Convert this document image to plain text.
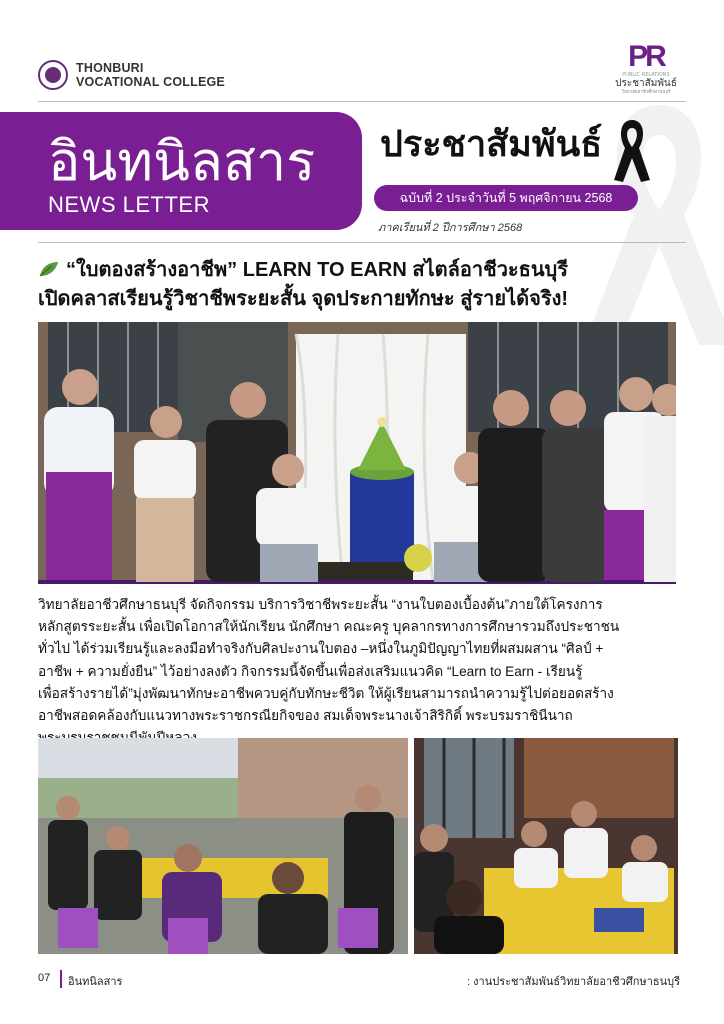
THONBURI
VOCATIONAL COLLEGE
PR
PUBLIC RELATIONS
ประชาสัมพันธ์
วิทยาลัยอาชีวศึกษาธนบุรี
อินทนิลสาร
NEWS LETTER
ประชาสัมพันธ์
ฉบับที่ 2 ประจำวันที่ 5 พฤศจิกายน 2568
ภาคเรียนที่ 2 ปีการศึกษา 2568
“ใบตองสร้างอาชีพ” LEARN TO EARN สไตล์อาชีวะธนบุรี
เปิดคลาสเรียนรู้วิชาชีพระยะสั้น จุดประกายทักษะ สู่รายได้จริง!

วิทยาลัยอาชีวศึกษาธนบุรี จัดกิจกรรม บริการวิชาชีพระยะสั้น “งานใบตองเบื้องต้น”ภายใต้โครงการ

หลักสูตรระยะสั้น เพื่อเปิดโอกาสให้นักเรียน นักศึกษา คณะครู บุคลากรทางการศึกษารวมถึงประชาชน

ทั่วไป ได้ร่วมเรียนรู้และลงมือทำจริงกับศิลปะงานใบตอง –หนึ่งในภูมิปัญญาไทยที่ผสมผสาน “ศิลป์ +

อาชีพ + ความยั่งยืน” ไว้อย่างลงตัว กิจกรรมนี้จัดขึ้นเพื่อส่งเสริมแนวคิด “Learn to Earn - เรียนรู้

เพื่อสร้างรายได้”มุ่งพัฒนาทักษะอาชีพควบคู่กับทักษะชีวิต ให้ผู้เรียนสามารถนำความรู้ไปต่อยอดสร้าง

อาชีพสอดคล้องกับแนวทางพระราชกรณียกิจของ สมเด็จพระนางเจ้าสิริกิติ์ พระบรมราชินีนาถ

07 อินทนิลสาร	: งานประชาสัมพันธ์วิทยาลัยอาชีวศึกษาธนบุรี
